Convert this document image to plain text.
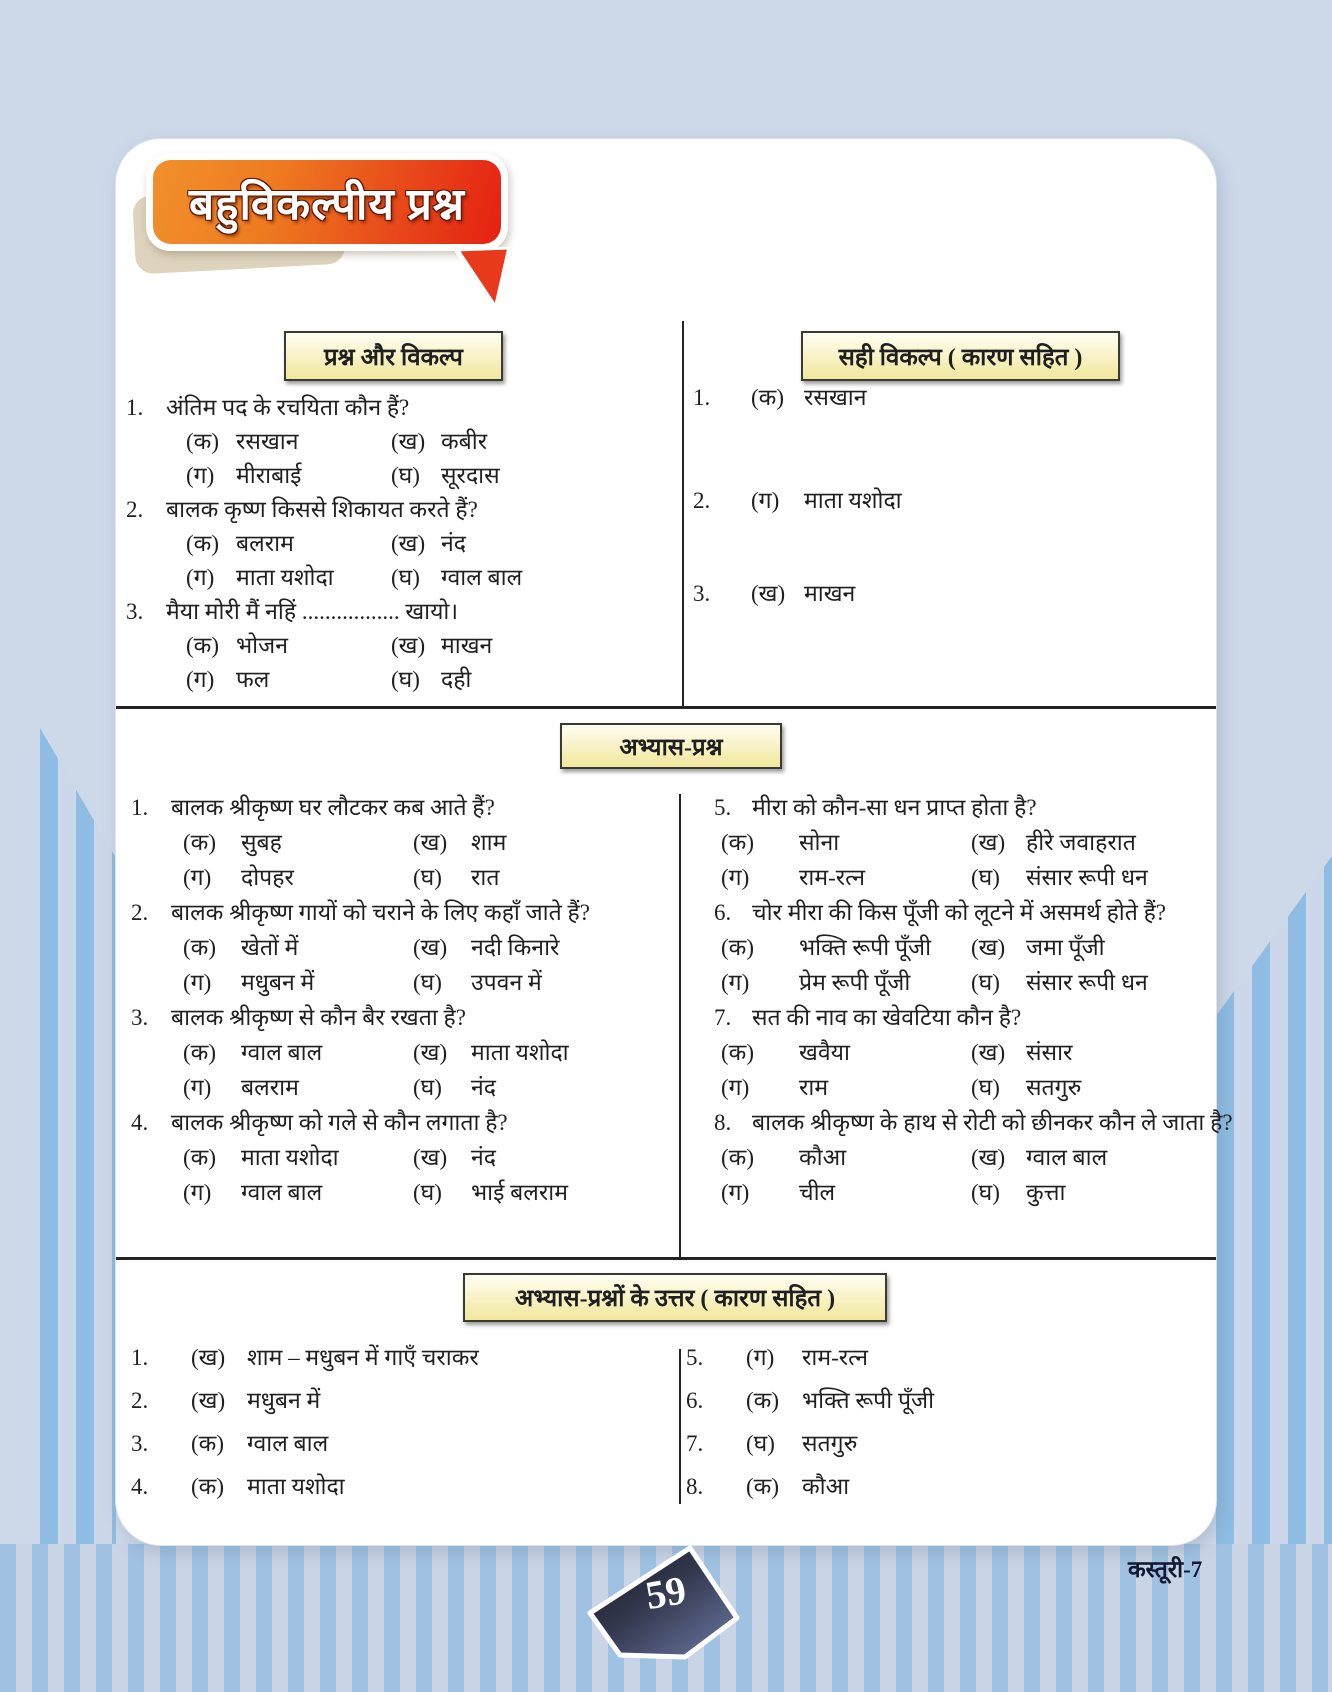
बहुविकल्पीय प्रश्न
प्रश्न और विकल्प	सही विकल्प ( कारण सहित )
1. अंतिम पद के रचयिता कौन हैं?
(क) रसखान	(ख) कबीर
(ग) मीराबाई	(घ) सूरदास
2. बालक कृष्ण किससे शिकायत करते हैं?
(क) बलराम	(ख) नंद
(ग) माता यशोदा (घ) ग्वाल बाल
3. मैया मोरी मैं नहिं ................. खायो।
(क) भोजन	(ख) माखन
(ग) फल	(घ) दही
1.	(क) रसखान
2.	(ग)	माता यशोदा
3.	(ख) माखन
अभ्यास-प्रश्न
1. बालक श्रीकृष्ण घर लौटकर कब आते हैं?
(क)	सुबह	(ख)	शाम
(ग)	दोपहर	(घ)	रात
2. बालक श्रीकृष्ण गायों को चराने के लिए कहाँ जाते हैं?
(क)	खेतों में	(ख)	नदी किनारे
(ग)	मधुबन में	(घ)	उपवन में
3. बालक श्रीकृष्ण से कौन बैर रखता है?
(क)	ग्वाल बाल	(ख)	माता यशोदा
(ग)	बलराम	(घ)	नंद
4. बालक श्रीकृष्ण को गले से कौन लगाता है?
(क)	माता यशोदा	(ख)	नंद
(ग)	ग्वाल बाल	(घ)	भाई बलराम
5. मीरा को कौन-सा धन प्राप्त होता है?
(क)	सोना	(ख) हीरे जवाहरात
(ग)	राम-रत्न	(घ)	संसार रूपी धन
6. चोर मीरा की किस पूँजी को लूटने में असमर्थ होते हैं?
(क)	भक्ति रूपी पूँजी (ख) जमा पूँजी
(ग)	प्रेम रूपी पूँजी	(घ)	संसार रूपी धन
7. सत की नाव का खेवटिया कौन है?
(क)	खवैया	(ख) संसार
(ग)	राम	(घ)	सतगुरु
8. बालक श्रीकृष्ण के हाथ से रोटी को छीनकर कौन ले जाता है?
(क)	कौआ	(ख) ग्वाल बाल
(ग)	चील	(घ)	कुत्ता
अभ्यास-प्रश्नों के उत्तर ( कारण सहित )
1.	(ख) शाम – मधुबन में गाएँ चराकर
2.	(ख) मधुबन में
3.	(क)	ग्वाल बाल
4.	(क)	माता यशोदा
5.	(ग)	राम-रत्न
6.	(क)	भक्ति रूपी पूँजी
7.	(घ)	सतगुरु
8.	(क)	कौआ
59	कस्तूरी-7
